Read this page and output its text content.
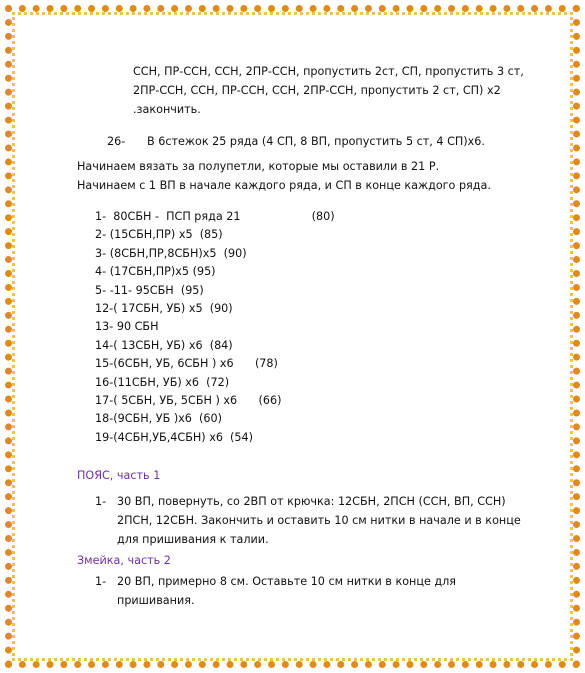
ССН, ПР-ССН, ССН, 2ПР-ССН, пропустить 2ст, СП, пропустить 3 ст,
2ПР-ССН, ССН, ПР-ССН, ССН, 2ПР-ССН, пропустить 2 ст, СП) х2
.закончить.
26- В 6стежок 25 ряда (4 СП, 8 ВП, пропустить 5 ст, 4 СП)х6.
Начинаем вязать за полупетли, которые мы оставили в 21 Р.
Начинаем с 1 ВП в начале каждого ряда, и СП в конце каждого ряда.
1-  80СБН -  ПСП ряда 21                    (80)
2- (15СБН,ПР) х5  (85)
3- (8СБН,ПР,8СБН)х5  (90)
4- (17СБН,ПР)х5 (95)
5- -11- 95СБН  (95)
12-( 17СБН, УБ) х5  (90)
13- 90 СБН
14-( 13СБН, УБ) х6  (84)
15-(6СБН, УБ, 6СБН ) х6      (78)
16-(11СБН, УБ) х6  (72)
17-( 5СБН, УБ, 5СБН ) х6      (66)
18-(9СБН, УБ )х6  (60)
19-(4СБН,УБ,4СБН) х6  (54)
ПОЯС, часть 1
1- 30 ВП, повернуть, со 2ВП от крючка: 12СБН, 2ПСН (ССН, ВП, ССН)
2ПСН, 12СБН. Закончить и оставить 10 см нитки в начале и в конце
для пришивания к талии.
Змейка, часть 2
1- 20 ВП, примерно 8 см. Оставьте 10 см нитки в конце для
пришивания.
